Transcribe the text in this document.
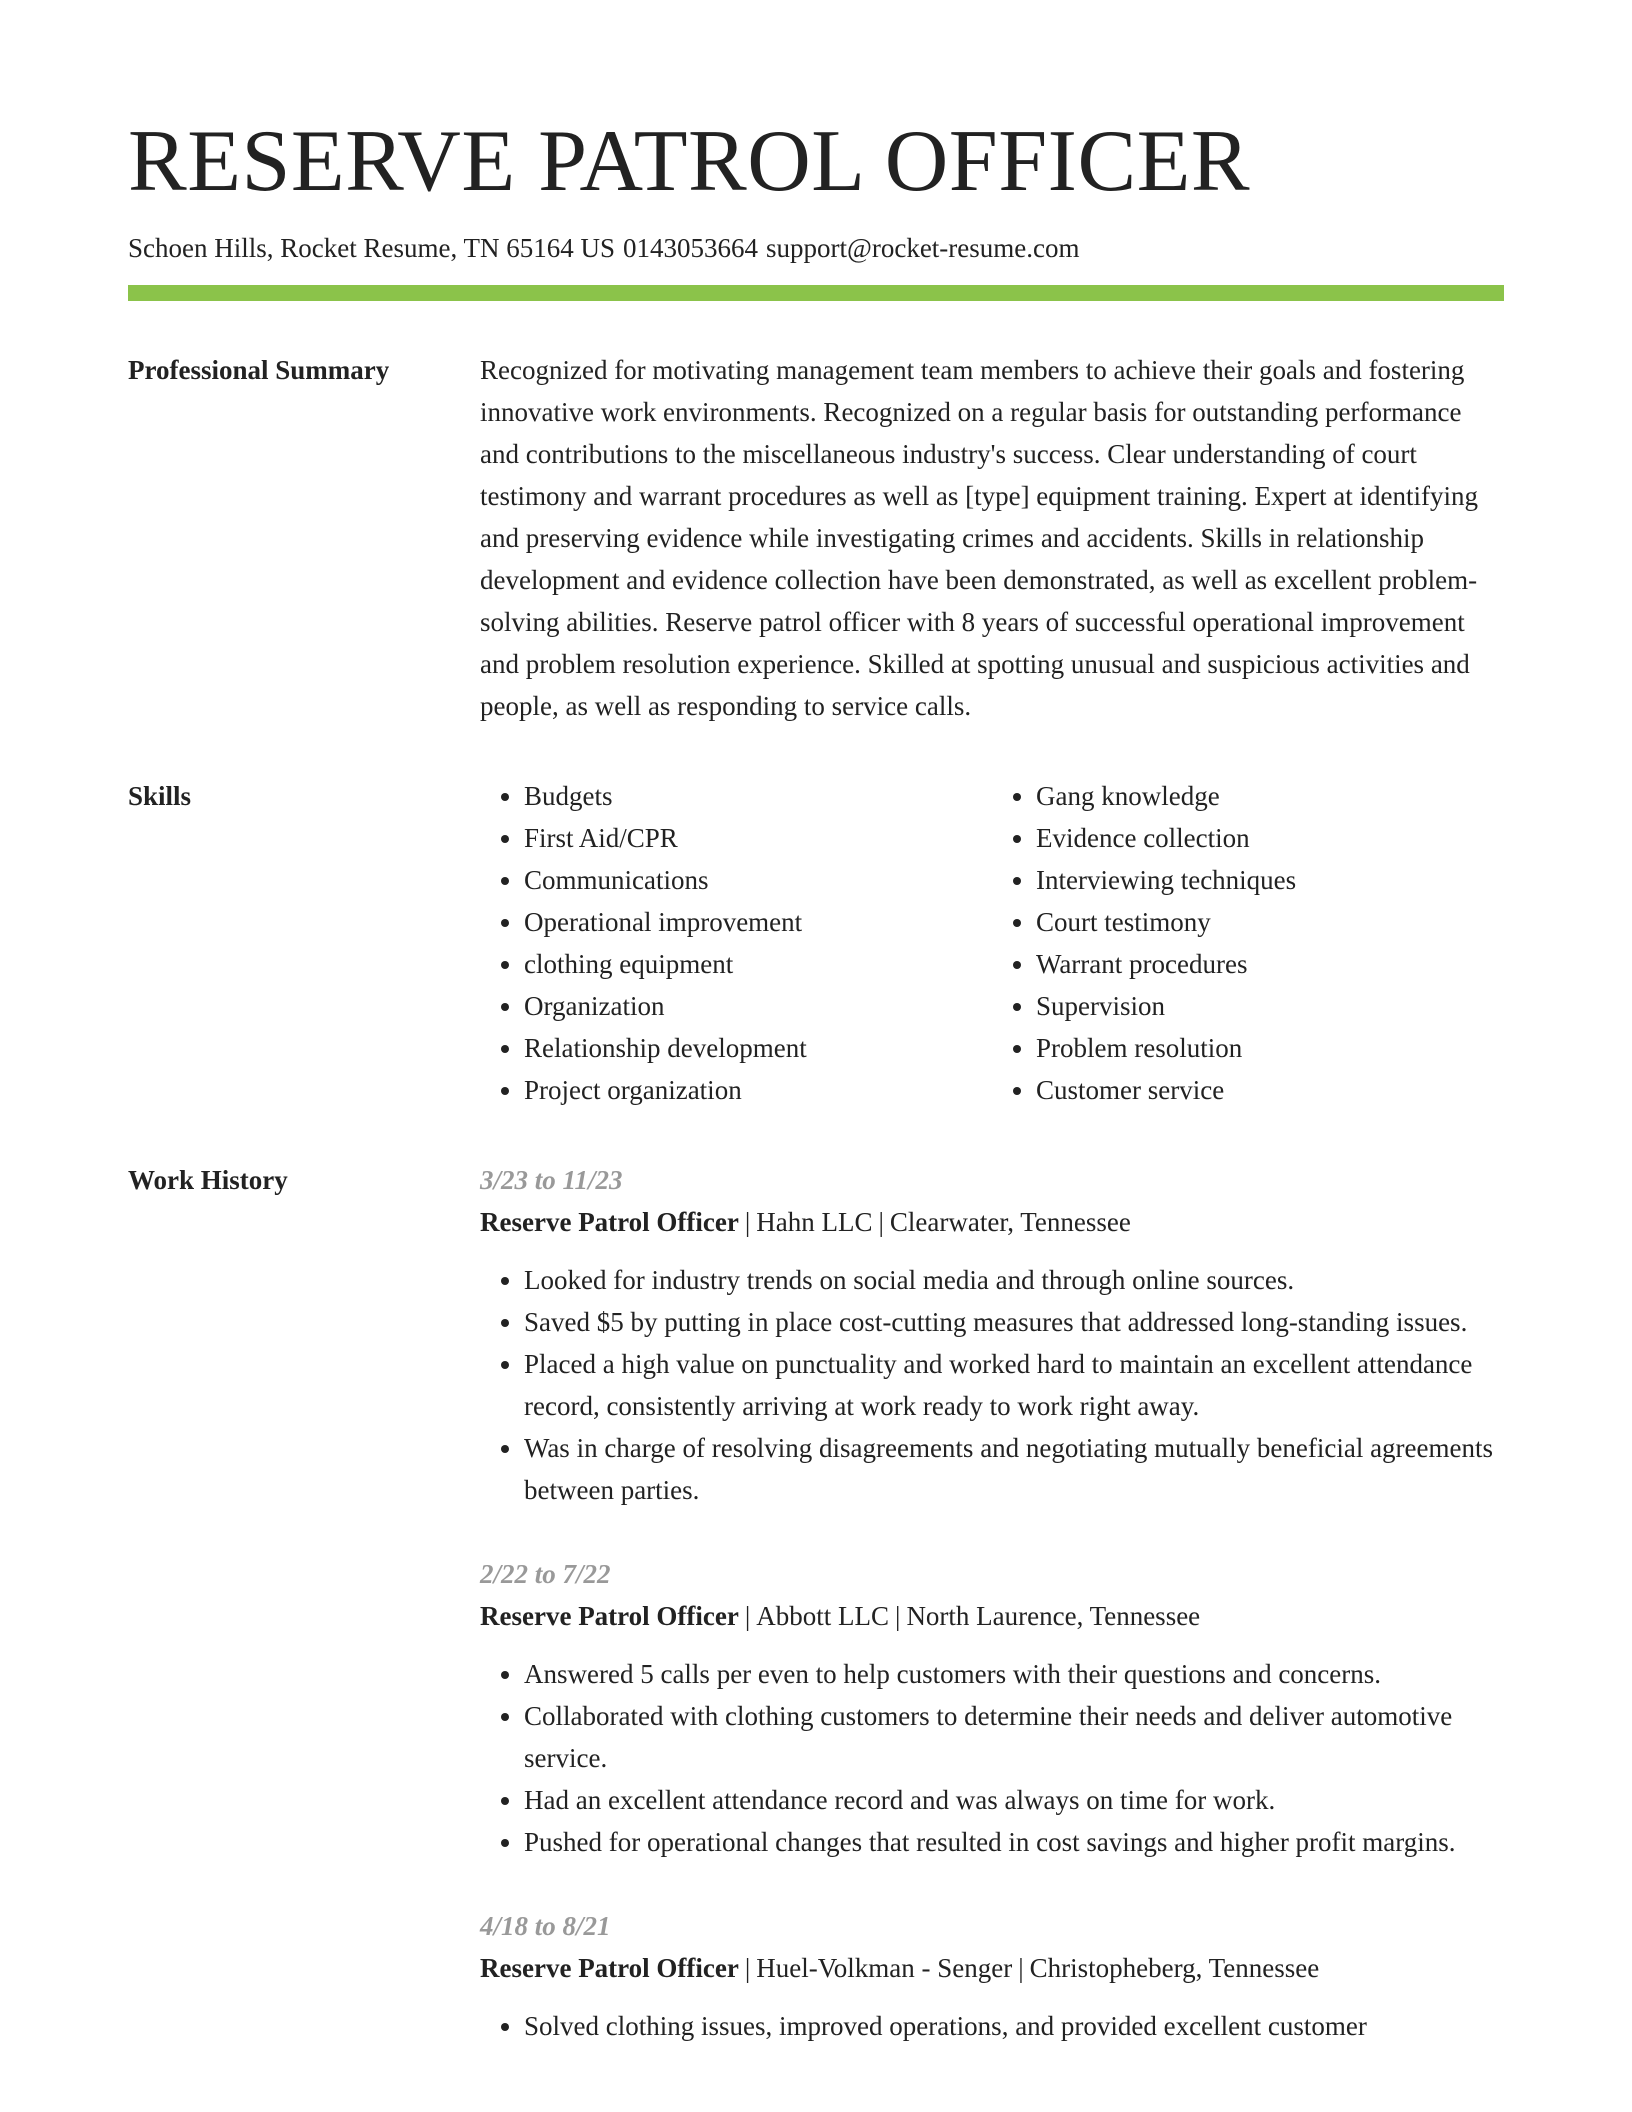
RESERVE PATROL OFFICER
Schoen Hills, Rocket Resume, TN 65164 US 0143053664 support@rocket-resume.com
Professional Summary	Recognized for motivating management team members to achieve their goals and fostering innovative work environments. Recognized on a regular basis for outstanding performance and contributions to the miscellaneous industry's success. Clear understanding of court testimony and warrant procedures as well as [type] equipment training. Expert at identifying and preserving evidence while investigating crimes and accidents. Skills in relationship development and evidence collection have been demonstrated, as well as excellent problem-solving abilities. Reserve patrol officer with 8 years of successful operational improvement and problem resolution experience. Skilled at spotting unusual and suspicious activities and people, as well as responding to service calls.

Skills
•	Budgets
• First Aid/CPR
• Communications
• Operational improvement
• clothing equipment
• Organization
• Relationship development
• Project organization
• Gang knowledge
• Evidence collection
• Interviewing techniques
• Court testimony
• Warrant procedures
• Supervision
• Problem resolution
• Customer service
Work History	3/23 to 11/23
Reserve Patrol Officer | Hahn LLC | Clearwater, Tennessee
• Looked for industry trends on social media and through online sources.
• Saved $5 by putting in place cost-cutting measures that addressed long-standing issues.
• Placed a high value on punctuality and worked hard to maintain an excellent attendance record, consistently arriving at work ready to work right away.
• Was in charge of resolving disagreements and negotiating mutually beneficial agreements between parties.
2/22 to 7/22
Reserve Patrol Officer | Abbott LLC | North Laurence, Tennessee
• Answered 5 calls per even to help customers with their questions and concerns.
• Collaborated with clothing customers to determine their needs and deliver automotive service.
• Had an excellent attendance record and was always on time for work.
• Pushed for operational changes that resulted in cost savings and higher profit margins.
4/18 to 8/21
Reserve Patrol Officer | Huel-Volkman - Senger | Christopheberg, Tennessee
• Solved clothing issues, improved operations, and provided excellent customer
